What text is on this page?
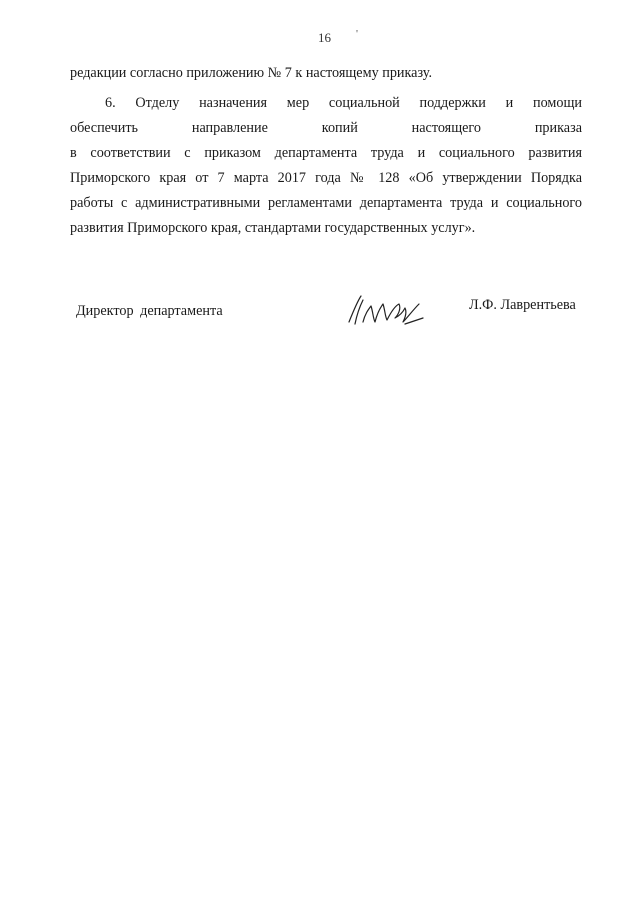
16 '
редакции согласно приложению № 7 к настоящему приказу.
6. Отделу назначения мер социальной поддержки и помощи
обеспечить направление копий настоящего приказа
в соответствии с приказом департамента труда и социального развития
Приморского края от 7 марта 2017 года № 128 «Об утверждении Порядка
работы с административными регламентами департамента труда и социального
развития Приморского края, стандартами государственных услуг».
Директор департамента	Л.Ф. Лаврентьева
